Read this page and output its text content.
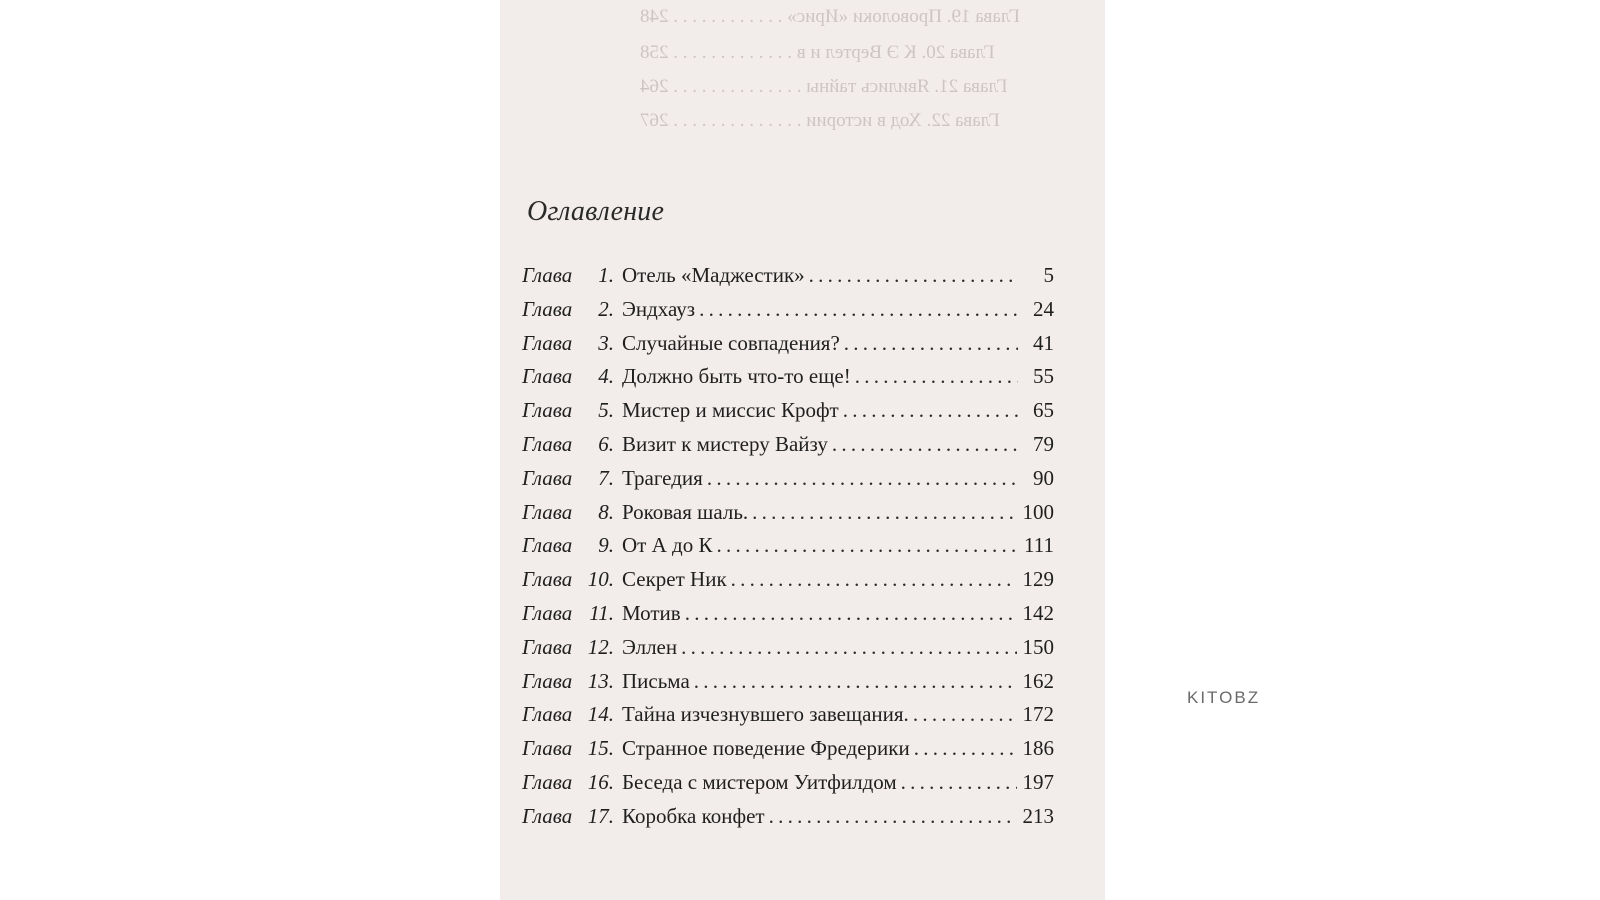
Глава 19. Проволоки «Ирис» . . . . . . . . . . . . 248
Глава 20. К Э Вертел и в . . . . . . . . . . . . . 258
Глава 21. Явились тайны . . . . . . . . . . . . . . 264
Глава 22. Ход в истории . . . . . . . . . . . . . . 267
Оглавление
Глава	1. Отель «Маджестик» . . .	5
Глава	2. Эндхауз . . .	24
Глава	3. Случайные совпадения? . . .	41
Глава	4. Должно быть что-то еще! . . .	55
Глава	5. Мистер и миссис Крофт . . .	65
Глава	6. Визит к мистеру Вайзу . . .	79
Глава	7. Трагедия . . .	90
Глава	8. Роковая шаль. . . .	100
Глава	9. От А до К . . .	111
Глава 10. Секрет Ник . . .	129
Глава 11. Мотив . . .	142
Глава 12. Эллен . . .	150
Глава 13. Письма . . .	162
Глава 14. Тайна изчезнувшего завещания. . . .	172
Глава 15. Странное поведение Фредерики . . .	186
Глава 16. Беседа с мистером Уитфилдом . . .	197
Глава 17. Коробка конфет . . .	213
KITOBZ
